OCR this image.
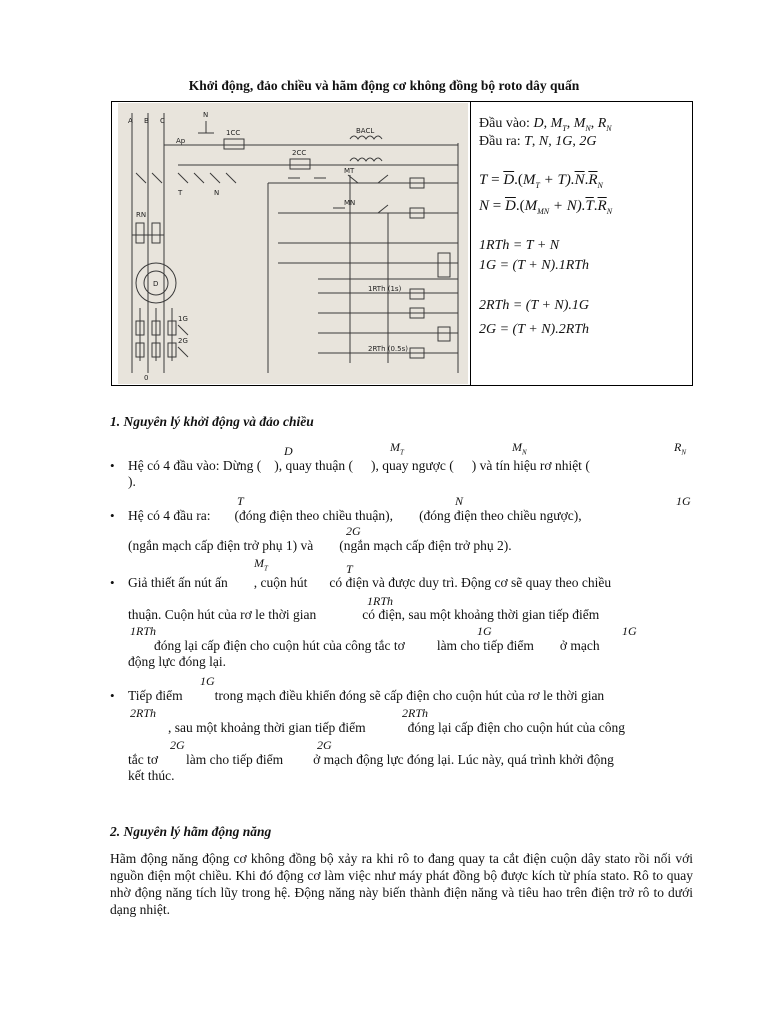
Khởi động, đảo chiều và hãm động cơ không đồng bộ roto dây quấn
A B C
N
Ap
1CC
2CC
BACL
T	N
RN
D
1G
2G
MT
MN
1RTh (1s)
2RTh (0.5s)
0
Đầu vào: D, $M_T$, $M_N$, $R_N$
Đầu ra: T, N, 1G, 2G
$T = \overline{D}.(M_T + T).\overline{N}.\overline{R}_N$
$N = \overline{D}.(M_{MN} + N).\overline{T}.\overline{R}_N$
1RTh = T + N
1G = (T + N).1RTh
2RTh = (T + N).1G
2G = (T + N).2RTh
1. Nguyên lý khởi động và đảo chiều
•
D	$M_T$	$M_N$	$R_N$
Hệ có 4 đầu vào: Dừng ( ), quay thuận ( ), quay ngược ( ) và tín hiệu rơ nhiệt (
).
•
T	N	1G
2G
Hệ có 4 đầu ra: (đóng điện theo chiều thuận), (đóng điện theo chiều ngược),
(ngắn mạch cấp điện trở phụ 1) và (ngắn mạch cấp điện trở phụ 2).
•
$M_T$	T
1RTh
1RTh	1G	1G
Giả thiết ấn nút ấn , cuộn hút có điện và được duy trì. Động cơ sẽ quay theo chiều
thuận. Cuộn hút của rơ le thời gian	có điện, sau một khoảng thời gian tiếp điểm
đóng lại cấp điện cho cuộn hút của công tắc tơ làm cho tiếp điểm ở mạch
động lực đóng lại.
•
1G
2RTh	2RTh
2G	2G
Tiếp điểm trong mạch điều khiển đóng sẽ cấp điện cho cuộn hút của rơ le thời gian
, sau một khoảng thời gian tiếp điểm	đóng lại cấp điện cho cuộn hút của công
tắc tơ làm cho tiếp điểm ở mạch động lực đóng lại. Lúc này, quá trình khởi động
kết thúc.
2. Nguyên lý hãm động năng
Hãm động năng động cơ không đồng bộ xảy ra khi rô to đang quay ta cắt điện cuộn dây stato rồi nối với nguồn điện một chiều. Khi đó động cơ làm việc như máy phát đồng bộ được kích từ phía stato. Rô to quay nhờ động năng tích lũy trong hệ. Động năng này biến thành điện năng và tiêu hao trên điện trở rô to dưới dạng nhiệt.
